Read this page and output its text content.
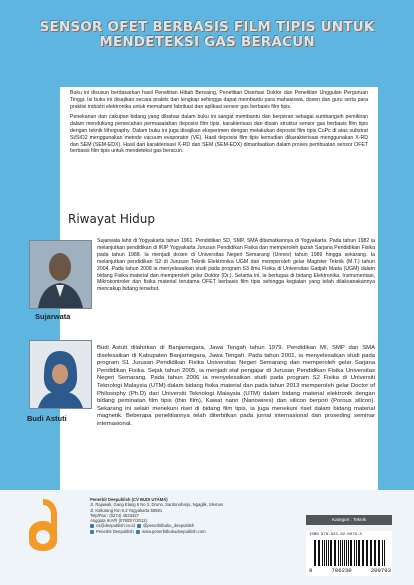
SENSOR OFET BERBASIS FILM TIPIS UNTUK
MENDETEKSI GAS BERACUN

Buku ini disusun berdasarkan hasil Penelitian Hibah Bersaing, Penelitian Disertasi Doktor dan Penelitian Unggulan Perguruan Tinggi. Isi buku ini disajikan secara praktis dan lengkap sehingga dapat membantu para mahasiswa, dosen dan guru serta para praktisi industri elektronika untuk memahami fabrikasi dan aplikasi sensor gas berbasis film tipis.

Penekanan dan cakupan bidang yang dibahas dalam buku ini sangat membantu dan berperan sebagai sumbangsih pemikiran dalam mendukung pemecahan permasalahan deposisi film tipis, karakterisasi dan disain struktur sensor gas berbasis film tipis dengan teknik lithography. Dalam buku ini juga disajikan eksperimen dengan melakukan deposisi film tipis CuPc di atas substrat Si/SiO2 menggunakan metode vacuum evaporator (VE). Hasil deposisi film tipis kemudian dikarakterisasi menggunakan X-RD dan SEM (SEM-EDX). Hasil dari karakterisasi X-RD dan SEM (SEM-EDX) dimanfaatkan dalam proses pembuatan sensor OFET berbasis film tipis untuk mendeteksi gas beracun.

Riwayat Hidup
Sujarwata
Sujarwata lahir di Yogyakarta tahun 1961. Pendidikan SD, SMP, SMA ditamatkannya di Yogyakarta. Pada tahun 1982 ia melanjutkan pendidikan di IKIP Yogyakarta Jurusan Pendidikan Fisika dan memperoleh ijazah Sarjana Pendidikan Fisika pada tahun 1988. Ia menjadi dosen di Universitas Negeri Semarang (Unnes) tahun 1989 hingga sekarang. Ia melanjutkan pendidikan S2 di Jurusan Teknik Elektronika UGM dan memperoleh gelar Magister Teknik (M.T.) tahun 2004. Pada tahun 2008 ia menyelesaikan studi pada program S3 Ilmu Fisika di Universitas Gadjah Mada (UGM) dalam bidang Fisika material dan memperoleh gelar Doktor (Dr.). Selama ini, ia bertugas di bidang Elektronika, Instrumentasi, Mikrokontroler dan fisika material terutama OFET berbasis film tipis sehingga kegiatan yang telah dilaksanakannya mencakup bidang tersebut.
Budi Astuti
Budi Astuti dilahirkan di Banjarnegara, Jawa Tengah tahun 1979. Pendidikan MI, SMP dan SMA diselesaikan di Kabupaten Banjarnegara, Jawa Tengah. Pada tahun 2001, ia menyelesaikan studi pada program S1 Jurusan Pendidikan Fisika Universitas Negeri Semarang dan memperoleh gelar Sarjana Pendidikan Fisika. Sejak tahun 2005, ia menjadi staf pengajar di Jurusan Pendidikan Fisika Universitas Negeri Semarang. Pada tahun 2006 ia menyelesaikan studi pada program S2 Fisika di Universiti Teknologi Malaysia (UTM) dalam bidang fisika material dan pada tahun 2013 memperoleh gelar Doctor of Philosophy (Ph.D) dari Universiti Teknologi Malaysia (UTM) dalam bidang material elektronik dengan bidang peminatan film tipis (thin film), Kawat nano (Nanowires) dan silicon berpori (Porous silicon). Sekarang ini selain menekuni riset di bidang film tipis, ia juga menekuni riset dalam bidang material magnetik. Beberapa penelitiannya telah diterbitkan pada jurnal internasional dan proseding seminar internasional.
Penerbit Deepublish (CV BUDI UTAMA)
Jl. Rajawali, Gang Elang 6 No 3, Drono, Sardonoharjo, Ngaglik, Sleman
Jl. Kaliurang Km 9,3 Yogyakarta 55581
Telp/Fax : (0274) 4533427
Anggota IKAPI (076/DIY/2012)
cs@deepublish.co.id @penerbitbuku_deepublish
Penerbit Deepublish www.penerbitbukudeepublish.com
Kategori : Teknik
ISBN 978-623-02-0079-3
9	786230	200793
